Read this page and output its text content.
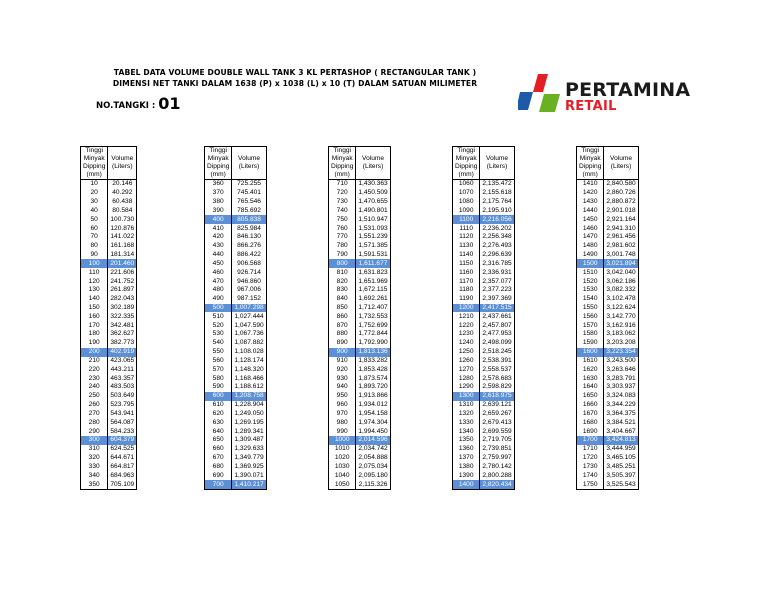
TABEL DATA VOLUME DOUBLE WALL TANK 3 KL PERTASHOP ( RECTANGULAR TANK )
DIMENSI NET TANKI DALAM 1638 (P) x 1038 (L) x 10 (T) DALAM SATUAN MILIMETER
NO.TANGKI : 01
PERTAMINA
RETAIL
Tinggi Minyak Dipping (mm)	Volume (Liters)
10	20.146
20	40.292
30	60.438
40	80.584
50	100.730
60	120.876
70	141.022
80	161.168
90	181.314
100	201.460
110	221.606
120	241.752
130	261.897
140	282.043
150	302.189
160	322.335
170	342.481
180	362.627
190	382.773
200	402.919
210	423.065
220	443.211
230	463.357
240	483.503
250	503.649
260	523.795
270	543.941
280	564.087
290	584.233
300	604.379
310	624.525
320	644.671
330	664.817
340	684.963
350	705.109
Tinggi Minyak Dipping (mm)	Volume (Liters)
360	725.255
370	745.401
380	765.546
390	785.692
400	805.838
410	825.984
420	846.130
430	866.276
440	886.422
450	906.568
460	926.714
470	946.860
480	967.006
490	987.152
500	1,007.298
510	1,027.444
520	1,047.590
530	1,067.736
540	1,087.882
550	1,108.028
560	1,128.174
570	1,148.320
580	1,168.466
590	1,188.612
600	1,208.758
610	1,228.904
620	1,249.050
630	1,269.195
640	1,289.341
650	1,309.487
660	1,329.633
670	1,349.779
680	1,369.925
690	1,390.071
700	1,410.217
Tinggi Minyak Dipping (mm)	Volume (Liters)
710	1,430.363
720	1,450.509
730	1,470.655
740	1,490.801
750	1,510.947
760	1,531.093
770	1,551.239
780	1,571.385
790	1,591.531
800	1,611.677
810	1,631.823
820	1,651.969
830	1,672.115
840	1,692.261
850	1,712.407
860	1,732.553
870	1,752.699
880	1,772.844
890	1,792.990
900	1,813.136
910	1,833.282
920	1,853.428
930	1,873.574
940	1,893.720
950	1,913.866
960	1,934.012
970	1,954.158
980	1,974.304
990	1,994.450
1000	2,014.596
1010	2,034.742
1020	2,054.888
1030	2,075.034
1040	2,095.180
1050	2,115.326
Tinggi Minyak Dipping (mm)	Volume (Liters)
1060	2,135.472
1070	2,155.618
1080	2,175.764
1090	2,195.910
1100	2,216.056
1110	2,236.202
1120	2,256.348
1130	2,276.493
1140	2,296.639
1150	2,316.785
1160	2,336.931
1170	2,357.077
1180	2,377.223
1190	2,397.369
1200	2,417.515
1210	2,437.661
1220	2,457.807
1230	2,477.953
1240	2,498.099
1250	2,518.245
1260	2,538.391
1270	2,558.537
1280	2,578.683
1290	2,598.829
1300	2,618.975
1310	2,639.121
1320	2,659.267
1330	2,679.413
1340	2,699.559
1350	2,719.705
1360	2,739.851
1370	2,759.997
1380	2,780.142
1390	2,800.288
1400	2,820.434
Tinggi Minyak Dipping (mm)	Volume (Liters)
1410	2,840.580
1420	2,860.726
1430	2,880.872
1440	2,901.018
1450	2,921.164
1460	2,941.310
1470	2,961.456
1480	2,981.602
1490	3,001.748
1500	3,021.894
1510	3,042.040
1520	3,062.186
1530	3,082.332
1540	3,102.478
1550	3,122.624
1560	3,142.770
1570	3,162.916
1580	3,183.062
1590	3,203.208
1600	3,223.354
1610	3,243.500
1620	3,263.646
1630	3,283.791
1640	3,303.937
1650	3,324.083
1660	3,344.229
1670	3,364.375
1680	3,384.521
1690	3,404.667
1700	3,424.813
1710	3,444.959
1720	3,465.105
1730	3,485.251
1740	3,505.397
1750	3,525.543
